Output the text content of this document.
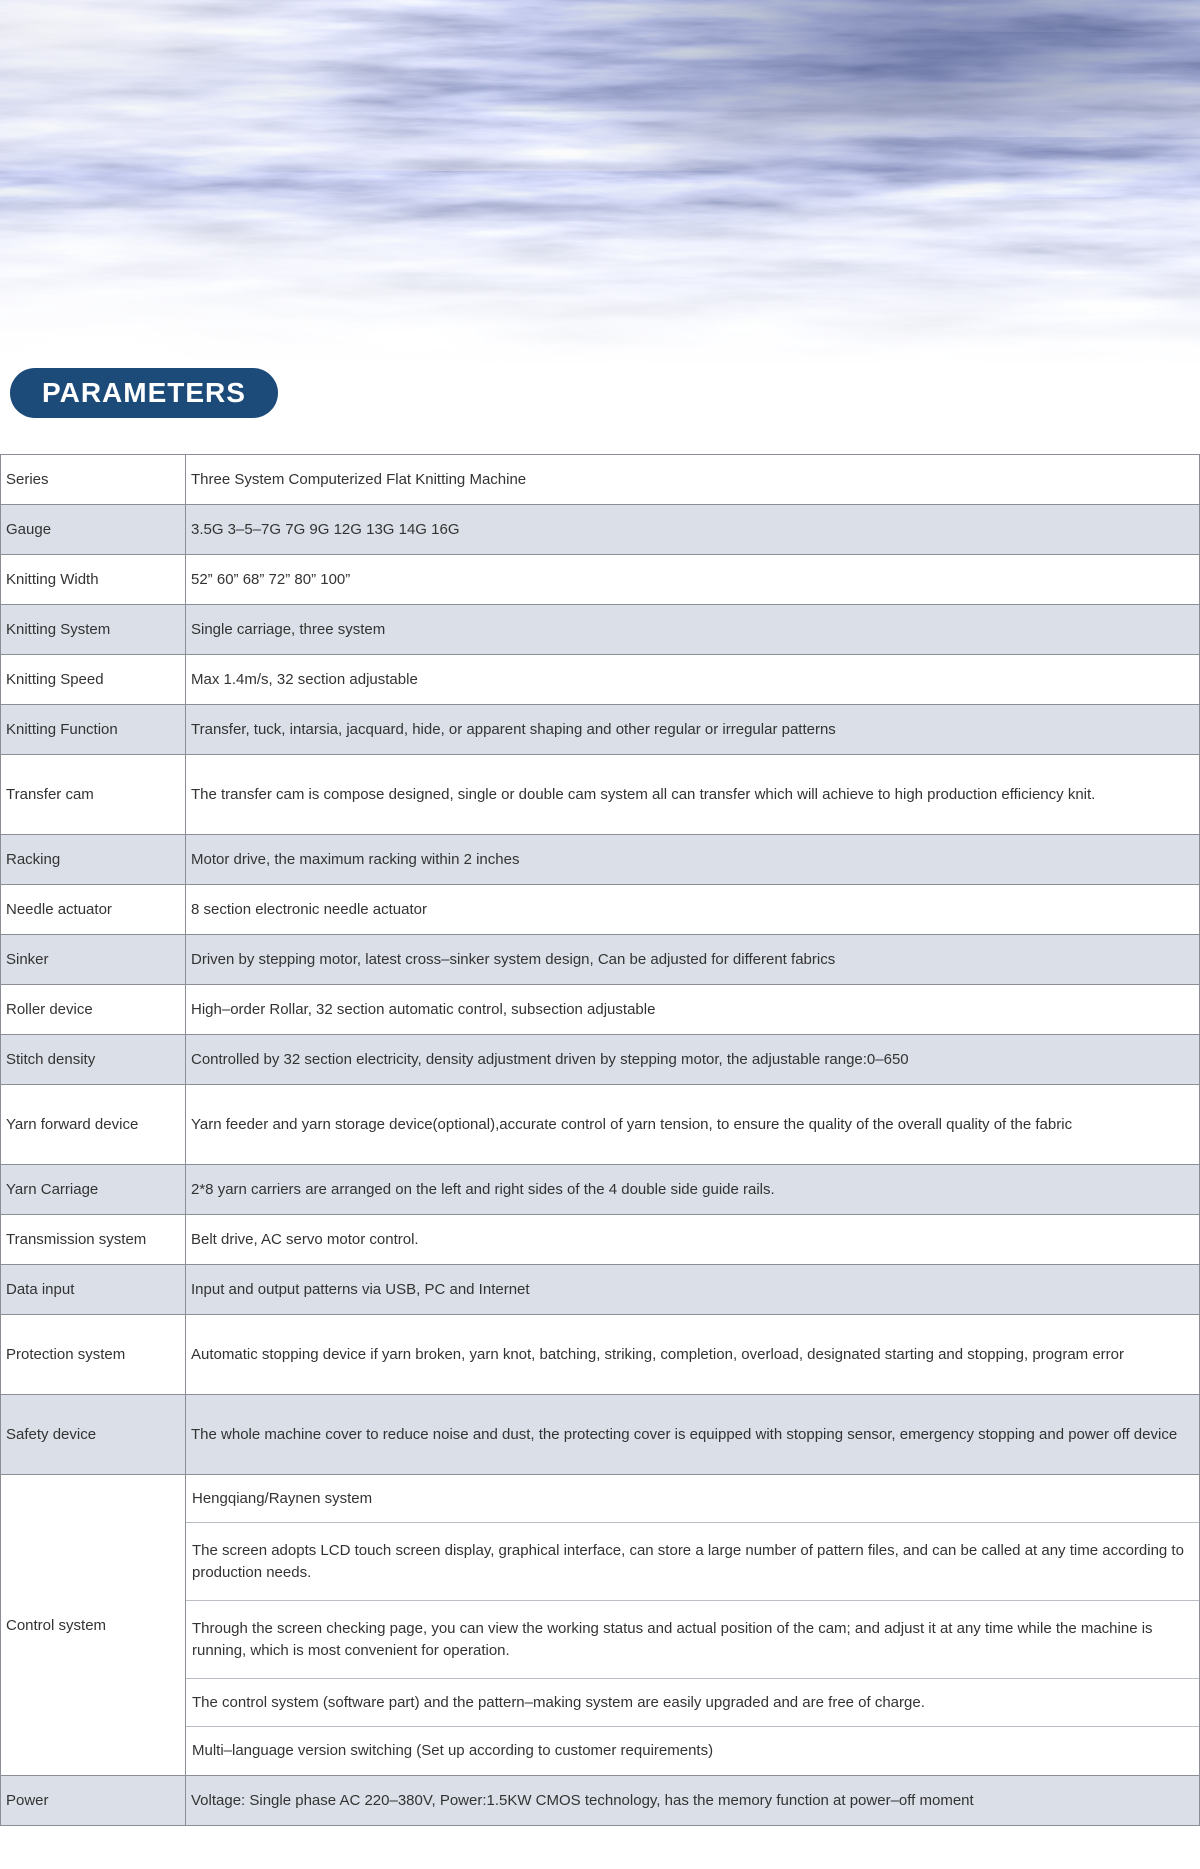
PARAMETERS
Series	Three System Computerized Flat Knitting Machine
Gauge	3.5G 3–5–7G 7G 9G 12G 13G 14G 16G
Knitting Width	52” 60” 68” 72” 80” 100”
Knitting System	Single carriage, three system
Knitting Speed	Max 1.4m/s, 32 section adjustable
Knitting Function	Transfer, tuck, intarsia, jacquard, hide, or apparent shaping and other regular or irregular patterns
Transfer cam	The transfer cam is compose designed, single or double cam system all can transfer which will achieve to high production efficiency knit.
Racking	Motor drive, the maximum racking within 2 inches
Needle actuator	8 section electronic needle actuator
Sinker	Driven by stepping motor, latest cross–sinker system design, Can be adjusted for different fabrics
Roller device	High–order Rollar, 32 section automatic control, subsection adjustable
Stitch density	Controlled by 32 section electricity, density adjustment driven by stepping motor, the adjustable range:0–650
Yarn forward device	Yarn feeder and yarn storage device(optional),accurate control of yarn tension, to ensure the quality of the overall quality of the fabric
Yarn Carriage	2*8 yarn carriers are arranged on the left and right sides of the 4 double side guide rails.
Transmission system	Belt drive, AC servo motor control.
Data input	Input and output patterns via USB, PC and Internet
Protection system	Automatic stopping device if yarn broken, yarn knot, batching, striking, completion, overload, designated starting and stopping, program error
Safety device	The whole machine cover to reduce noise and dust, the protecting cover is equipped with stopping sensor, emergency stopping and power off device
Control system	Hengqiang/Raynen system
The screen adopts LCD touch screen display, graphical interface, can store a large number of pattern files, and can be called at any time according to production needs.
Through the screen checking page, you can view the working status and actual position of the cam; and adjust it at any time while the machine is running, which is most convenient for operation.
The control system (software part) and the pattern–making system are easily upgraded and are free of charge.
Multi–language version switching (Set up according to customer requirements)

Power	Voltage: Single phase AC 220–380V, Power:1.5KW CMOS technology, has the memory function at power–off moment
